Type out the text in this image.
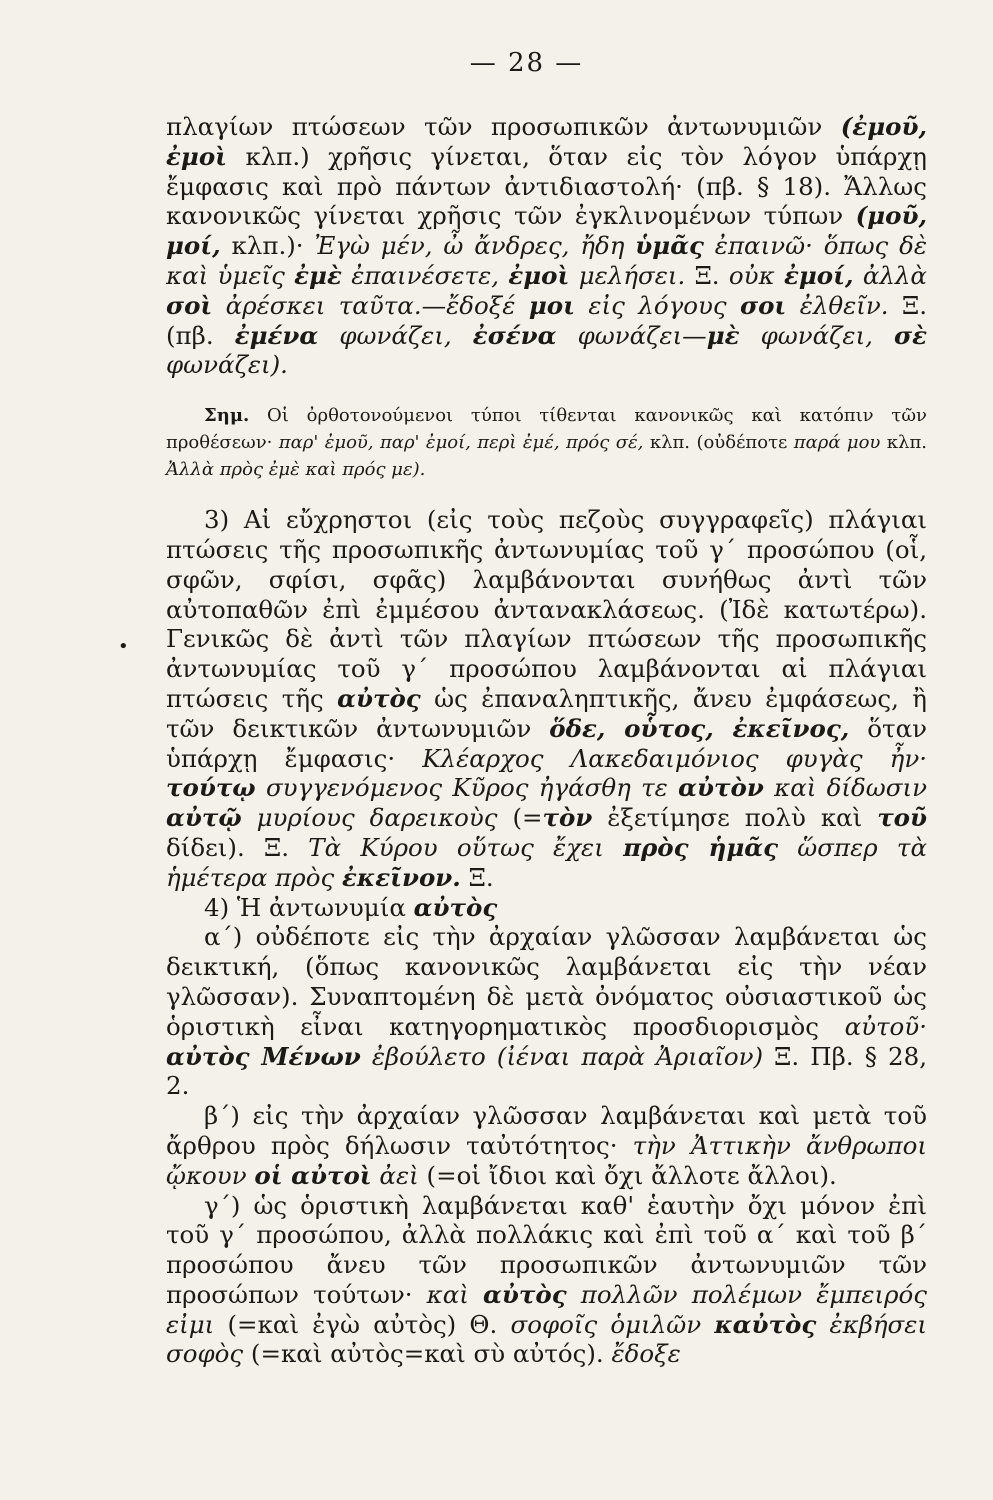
— 28 —

πλαγίων πτώσεων τῶν προσωπικῶν ἀντωνυμιῶν (ἐμοῦ, ἐμοὶ κλπ.) χρῆσις γίνεται, ὅταν εἰς τὸν λόγον ὑπάρχῃ ἔμφασις καὶ πρὸ πάντων ἀντιδιαστολή· (πβ. § 18). Ἄλλως κανονικῶς γίνεται χρῆσις τῶν ἐγκλινομένων τύπων (μοῦ, μοί, κλπ.)· Ἐγὼ μέν, ὦ ἄνδρες, ἤδη ὑμᾶς ἐπαινῶ· ὅπως δὲ καὶ ὑμεῖς ἐμὲ ἐπαινέσετε, ἐμοὶ μελήσει. Ξ. οὐκ ἐμοί, ἀλλὰ σοὶ ἀρέσκει ταῦτα.—ἔδοξέ μοι εἰς λόγους σοι ἐλθεῖν. Ξ. (πβ. ἐμένα φωνάζει, ἐσένα φωνάζει—μὲ φωνάζει, σὲ φωνάζει).

Σημ. Οἱ ὀρθοτονούμενοι τύποι τίθενται κανονικῶς καὶ κατόπιν τῶν προθέσεων· παρ' ἐμοῦ, παρ' ἐμοί, περὶ ἐμέ, πρός σέ, κλπ. (οὐδέποτε παρά μου κλπ. Ἀλλὰ πρὸς ἐμὲ καὶ πρός με).

3) Αἱ εὔχρηστοι (εἰς τοὺς πεζοὺς συγγραφεῖς) πλάγιαι πτώσεις τῆς προσωπικῆς ἀντωνυμίας τοῦ γ΄ προσώπου (οἷ, σφῶν, σφίσι, σφᾶς) λαμβάνονται συνήθως ἀντὶ τῶν αὐτοπαθῶν ἐπὶ ἐμμέσου ἀντανακλάσεως. (Ἰδὲ κατωτέρω). Γενικῶς δὲ ἀντὶ τῶν πλαγίων πτώσεων τῆς προσωπικῆς ἀντωνυμίας τοῦ γ΄ προσώπου λαμβάνονται αἱ πλάγιαι πτώσεις τῆς αὐτὸς ὡς ἐπαναληπτικῆς, ἄνευ ἐμφάσεως, ἢ τῶν δεικτικῶν ἀντωνυμιῶν ὅδε, οὗτος, ἐκεῖνος, ὅταν ὑπάρχῃ ἔμφασις· Κλέαρχος Λακεδαιμόνιος φυγὰς ἦν· τούτῳ συγγενόμενος Κῦρος ἠγάσθη τε αὐτὸν καὶ δίδωσιν αὐτῷ μυρίους δαρεικοὺς (=τὸν ἐξετίμησε πολὺ καὶ τοῦ δίδει). Ξ. Τὰ Κύρου οὕτως ἔχει πρὸς ἡμᾶς ὥσπερ τὰ ἡμέτερα πρὸς ἐκεῖνον. Ξ.

4) Ἡ ἀντωνυμία αὐτὸς

α΄) οὐδέποτε εἰς τὴν ἀρχαίαν γλῶσσαν λαμβάνεται ὡς δεικτική, (ὅπως κανονικῶς λαμβάνεται εἰς τὴν νέαν γλῶσσαν). Συναπτομένη δὲ μετὰ ὀνόματος οὐσιαστικοῦ ὡς ὁριστικὴ εἶναι κατηγορηματικὸς προσδιορισμὸς αὐτοῦ· αὐτὸς Μένων ἐβούλετο (ἰέναι παρὰ Ἀριαῖον) Ξ. Πβ. § 28, 2.

β΄) εἰς τὴν ἀρχαίαν γλῶσσαν λαμβάνεται καὶ μετὰ τοῦ ἄρθρου πρὸς δήλωσιν ταὐτότητος· τὴν Ἀττικὴν ἄνθρωποι ᾤκουν οἱ αὐτοὶ ἀεὶ (=οἱ ἴδιοι καὶ ὄχι ἄλλοτε ἄλλοι).

γ΄) ὡς ὁριστικὴ λαμβάνεται καθ' ἑαυτὴν ὄχι μόνον ἐπὶ τοῦ γ΄ προσώπου, ἀλλὰ πολλάκις καὶ ἐπὶ τοῦ α΄ καὶ τοῦ β΄ προσώπου ἄνευ τῶν προσωπικῶν ἀντωνυμιῶν τῶν προσώπων τούτων· καὶ αὐτὸς πολλῶν πολέμων ἔμπειρός εἰμι (=καὶ ἐγὼ αὐτὸς) Θ. σοφοῖς ὁμιλῶν καὐτὸς ἐκβήσει σοφὸς (=καὶ αὐτὸς=καὶ σὺ αὐτός). ἔδοξε

•
